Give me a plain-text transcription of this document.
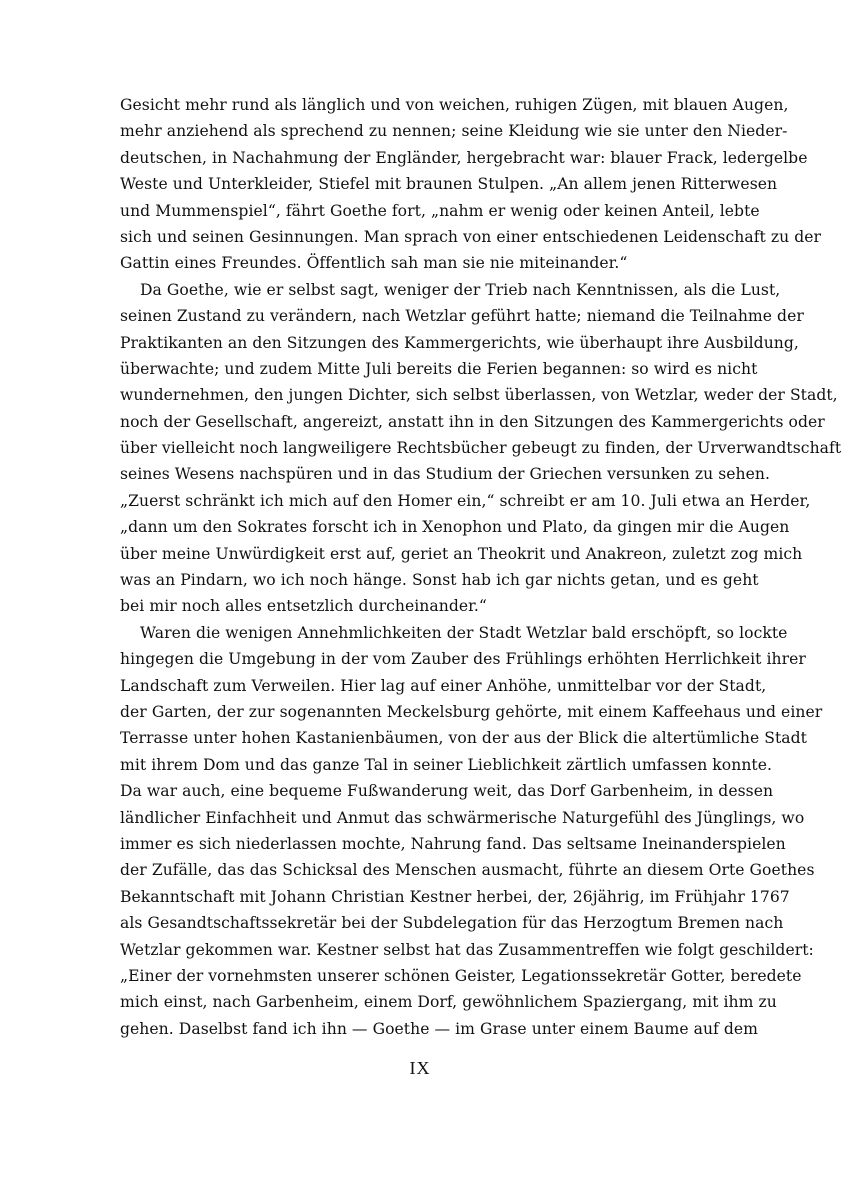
Gesicht mehr rund als länglich und von weichen, ruhigen Zügen, mit blauen Augen,
mehr anziehend als sprechend zu nennen; seine Kleidung wie sie unter den Nieder-
deutschen, in Nachahmung der Engländer, hergebracht war: blauer Frack, ledergelbe
Weste und Unterkleider, Stiefel mit braunen Stulpen. „An allem jenen Ritterwesen
und Mummenspiel“, fährt Goethe fort, „nahm er wenig oder keinen Anteil, lebte
sich und seinen Gesinnungen. Man sprach von einer entschiedenen Leidenschaft zu der
Gattin eines Freundes. Öffentlich sah man sie nie miteinander.“
Da Goethe, wie er selbst sagt, weniger der Trieb nach Kenntnissen, als die Lust,
seinen Zustand zu verändern, nach Wetzlar geführt hatte; niemand die Teilnahme der
Praktikanten an den Sitzungen des Kammergerichts, wie überhaupt ihre Ausbildung,
überwachte; und zudem Mitte Juli bereits die Ferien begannen: so wird es nicht
wundernehmen, den jungen Dichter, sich selbst überlassen, von Wetzlar, weder der Stadt,
noch der Gesellschaft, angereizt, anstatt ihn in den Sitzungen des Kammergerichts oder
über vielleicht noch langweiligere Rechtsbücher gebeugt zu finden, der Urverwandtschaft
seines Wesens nachspüren und in das Studium der Griechen versunken zu sehen.
„Zuerst schränkt ich mich auf den Homer ein,“ schreibt er am 10. Juli etwa an Herder,
„dann um den Sokrates forscht ich in Xenophon und Plato, da gingen mir die Augen
über meine Unwürdigkeit erst auf, geriet an Theokrit und Anakreon, zuletzt zog mich
was an Pindarn, wo ich noch hänge. Sonst hab ich gar nichts getan, und es geht
bei mir noch alles entsetzlich durcheinander.“
Waren die wenigen Annehmlichkeiten der Stadt Wetzlar bald erschöpft, so lockte
hingegen die Umgebung in der vom Zauber des Frühlings erhöhten Herrlichkeit ihrer
Landschaft zum Verweilen. Hier lag auf einer Anhöhe, unmittelbar vor der Stadt,
der Garten, der zur sogenannten Meckelsburg gehörte, mit einem Kaffeehaus und einer
Terrasse unter hohen Kastanienbäumen, von der aus der Blick die altertümliche Stadt
mit ihrem Dom und das ganze Tal in seiner Lieblichkeit zärtlich umfassen konnte.
Da war auch, eine bequeme Fußwanderung weit, das Dorf Garbenheim, in dessen
ländlicher Einfachheit und Anmut das schwärmerische Naturgefühl des Jünglings, wo
immer es sich niederlassen mochte, Nahrung fand. Das seltsame Ineinanderspielen
der Zufälle, das das Schicksal des Menschen ausmacht, führte an diesem Orte Goethes
Bekanntschaft mit Johann Christian Kestner herbei, der, 26jährig, im Frühjahr 1767
als Gesandtschaftssekretär bei der Subdelegation für das Herzogtum Bremen nach
Wetzlar gekommen war. Kestner selbst hat das Zusammentreffen wie folgt geschildert:
„Einer der vornehmsten unserer schönen Geister, Legationssekretär Gotter, beredete
mich einst, nach Garbenheim, einem Dorf, gewöhnlichem Spaziergang, mit ihm zu
gehen. Daselbst fand ich ihn — Goethe — im Grase unter einem Baume auf dem
IX
